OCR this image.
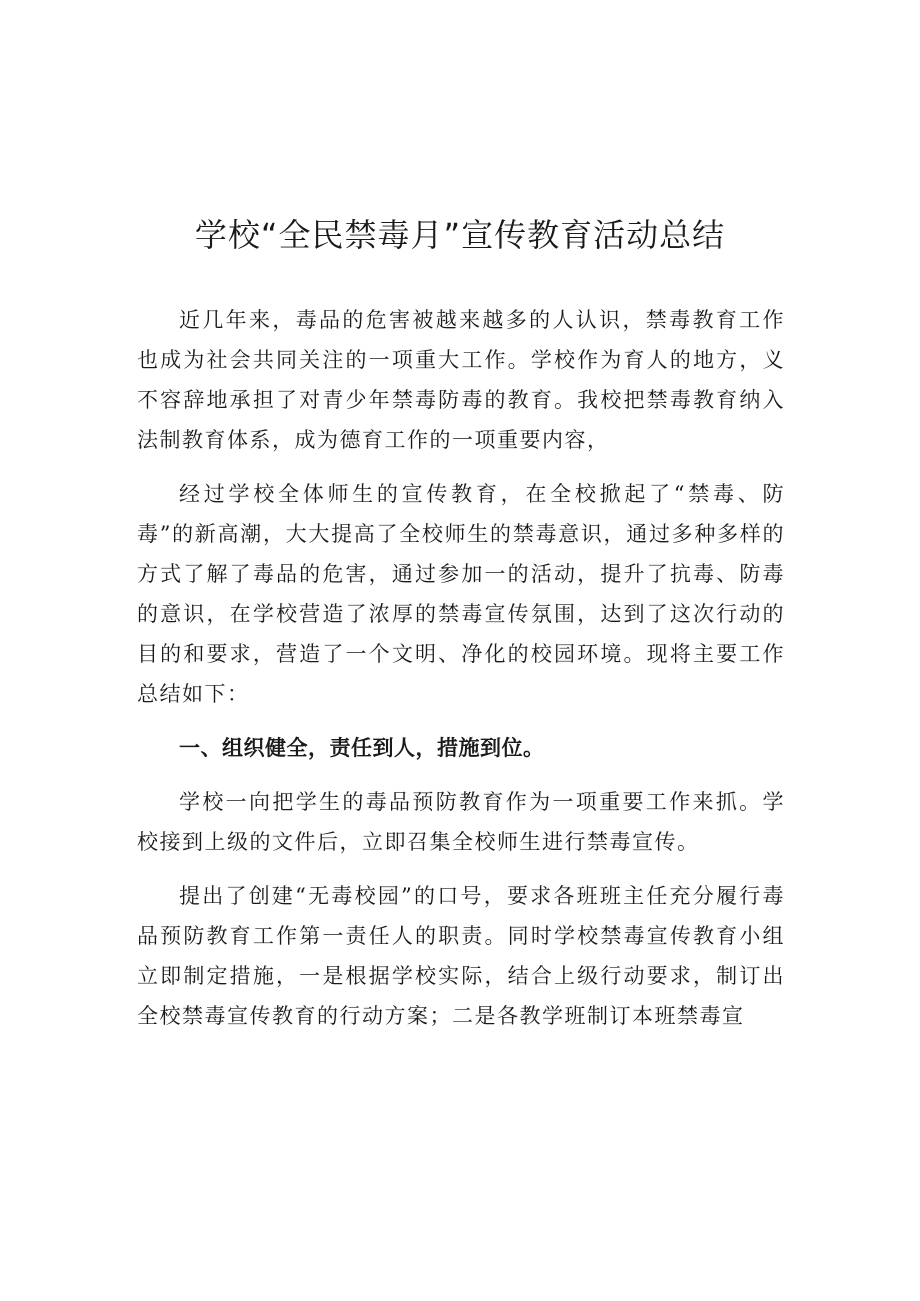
学校“全民禁毒月”宣传教育活动总结

近几年来，毒品的危害被越来越多的人认识，禁毒教育工作也成为社会共同关注的一项重大工作。学校作为育人的地方，义不容辞地承担了对青少年禁毒防毒的教育。我校把禁毒教育纳入法制教育体系，成为德育工作的一项重要内容，

经过学校全体师生的宣传教育，在全校掀起了“禁毒、防毒”的新高潮，大大提高了全校师生的禁毒意识，通过多种多样的方式了解了毒品的危害，通过参加一的活动，提升了抗毒、防毒的意识，在学校营造了浓厚的禁毒宣传氛围，达到了这次行动的目的和要求，营造了一个文明、净化的校园环境。现将主要工作总结如下：

一、组织健全，责任到人，措施到位。

学校一向把学生的毒品预防教育作为一项重要工作来抓。学校接到上级的文件后，立即召集全校师生进行禁毒宣传。

提出了创建“无毒校园”的口号，要求各班班主任充分履行毒品预防教育工作第一责任人的职责。同时学校禁毒宣传教育小组立即制定措施，一是根据学校实际，结合上级行动要求，制订出全校禁毒宣传教育的行动方案；二是各教学班制订本班禁毒宣
